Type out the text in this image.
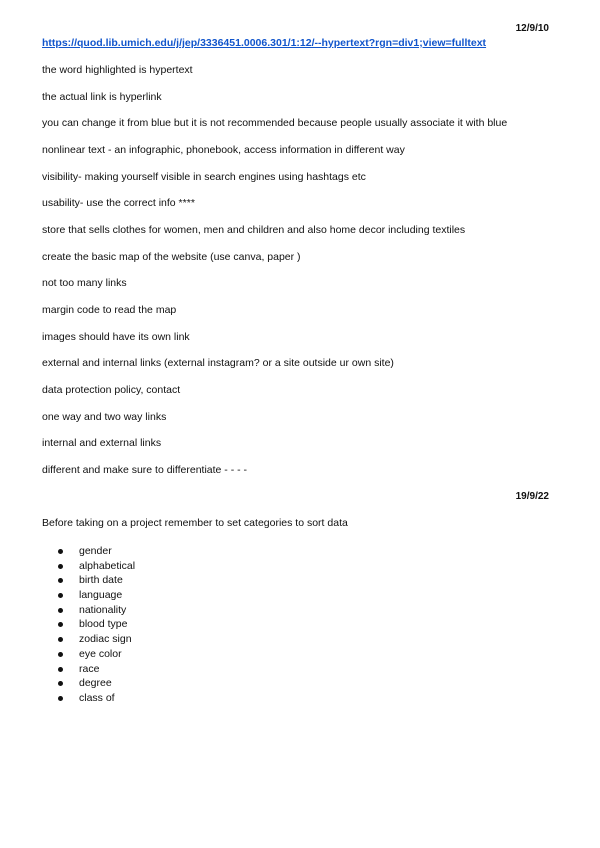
12/9/10
https://quod.lib.umich.edu/j/jep/3336451.0006.301/1:12/--hypertext?rgn=div1;view=fulltext
the word highlighted is hypertext
the actual link is hyperlink
you can change it from blue but it is not recommended because people usually associate it with blue
nonlinear text - an infographic, phonebook, access information in different way
visibility- making yourself visible in search engines using hashtags etc
usability- use the correct info ****
store that sells clothes for women, men and children and also home decor including textiles
create the basic map of the website (use canva, paper )
not too many links
margin code to read the map
images should have its own link
external and internal links (external instagram? or a site outside ur own site)
data protection policy, contact
one way and two way links
internal and external links
different and make sure to differentiate - - - -
19/9/22
Before taking on a project remember to set categories to sort data
gender
alphabetical
birth date
language
nationality
blood type
zodiac sign
eye color
race
degree
class of
